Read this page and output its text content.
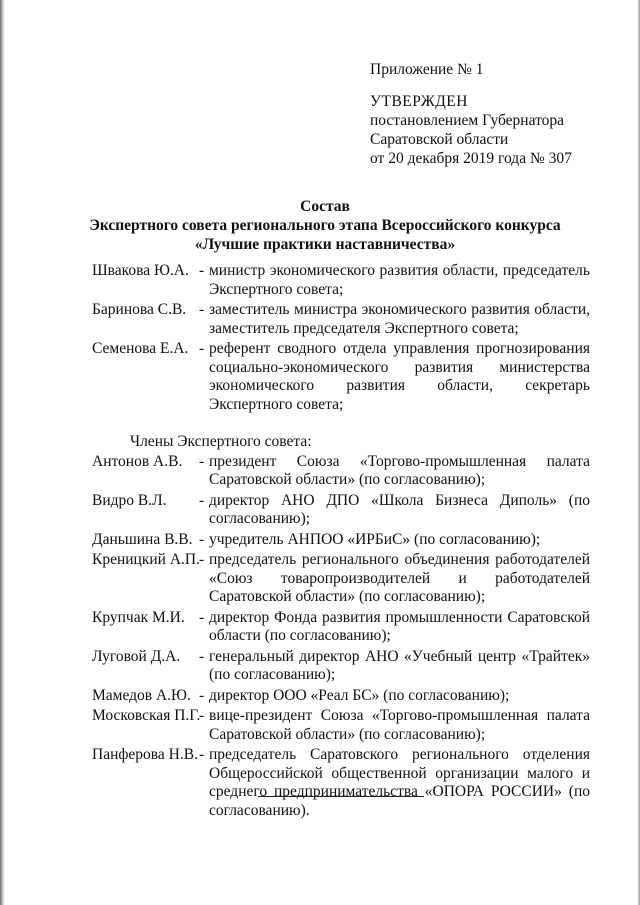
Приложение № 1
УТВЕРЖДЕН
постановлением Губернатора
Саратовской области
от 20 декабря 2019 года № 307
Состав
Экспертного совета регионального этапа Всероссийского конкурса
«Лучшие практики наставничества»
Швакова Ю.А. - министр экономического развития области, председатель Экспертного совета;
Баринова С.В. - заместитель министра экономического развития области, заместитель председателя Экспертного совета;
Семенова Е.А. - референт сводного отдела управления прогнозирования социально-экономического развития министерства экономического развития области, секретарь Экспертного совета;
Члены Экспертного совета:
Антонов А.В.	- президент Союза «Торгово-промышленная палата Саратовской области» (по согласованию);
Видро В.Л.	- директор АНО ДПО «Школа Бизнеса Диполь» (по согласованию);
Даньшина В.В. - учредитель АНПОО «ИРБиС» (по согласованию);
Креницкий А.П. - председатель регионального объединения работодателей «Союз товаропроизводителей и работодателей Саратовской области» (по согласованию);
Крупчак М.И. - директор Фонда развития промышленности Саратовской области (по согласованию);
Луговой Д.А.	- генеральный директор АНО «Учебный центр «Трайтек» (по согласованию);
Мамедов А.Ю. - директор ООО «Реал БС» (по согласованию);
Московская П.Г.
- вице-президент Союза «Торгово-промышленная палата Саратовской области» (по согласованию);
Панферова Н.В. - председатель Саратовского регионального отделения Общероссийской общественной организации малого и среднего предпринимательства «ОПОРА РОССИИ» (по согласованию).
